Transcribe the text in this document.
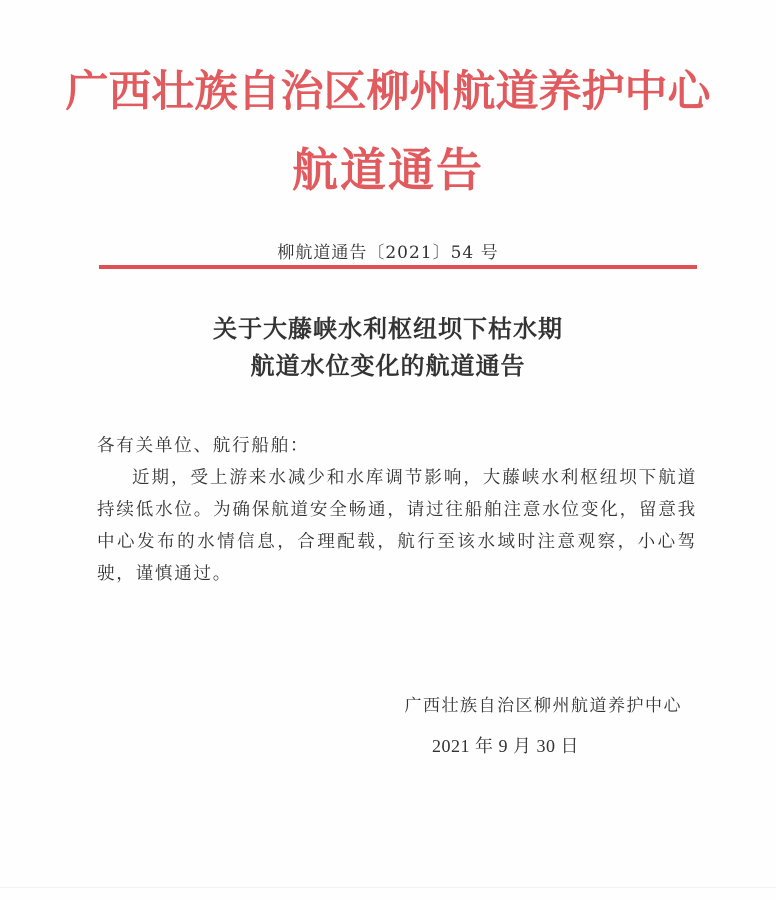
广西壮族自治区柳州航道养护中心
航道通告
柳航道通告〔2021〕54 号
关于大藤峡水利枢纽坝下枯水期
航道水位变化的航道通告

各有关单位、航行船舶：

近期，受上游来水减少和水库调节影响，大藤峡水利枢纽坝下航道持续低水位。为确保航道安全畅通，请过往船舶注意水位变化，留意我中心发布的水情信息，合理配载，航行至该水域时注意观察，小心驾驶，谨慎通过。

广西壮族自治区柳州航道养护中心
2021 年 9 月 30 日
